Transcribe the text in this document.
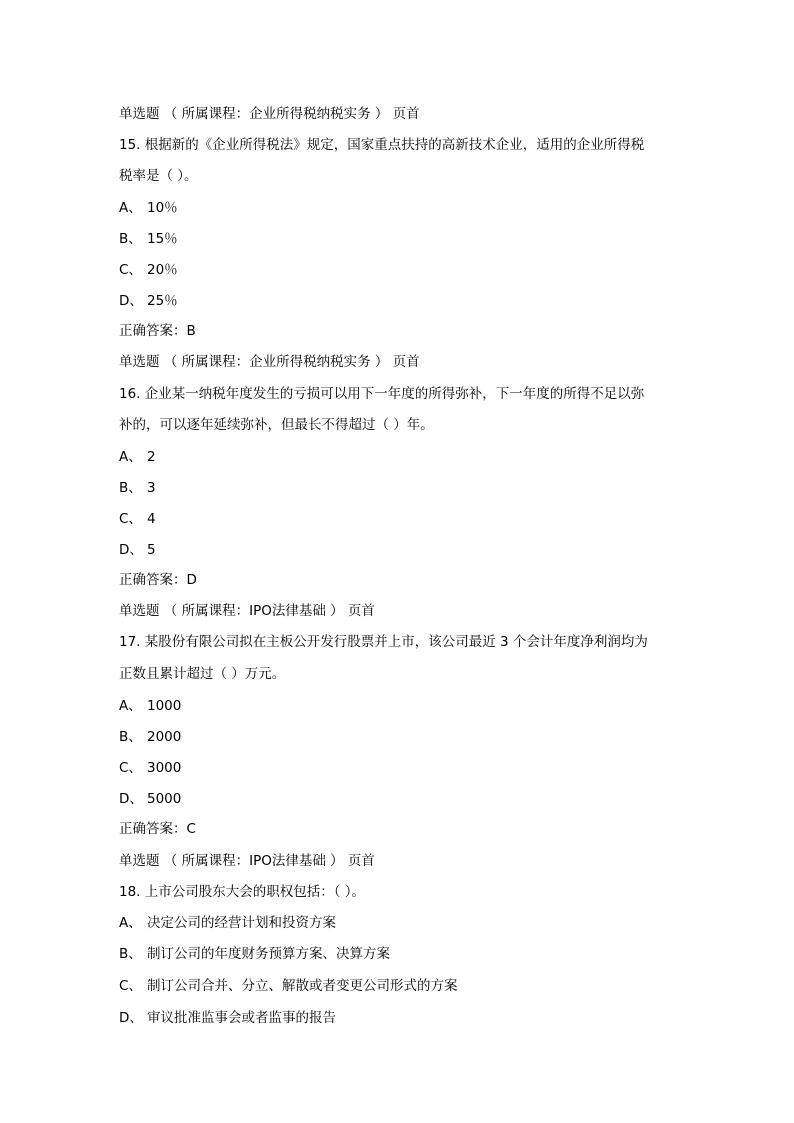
单选题 （ 所属课程：企业所得税纳税实务 ） 页首
15. 根据新的《企业所得税法》规定，国家重点扶持的高新技术企业，适用的企业所得税
税率是（ ）。
A、 10％
B、 15％
C、 20％
D、 25％
正确答案：B
单选题 （ 所属课程：企业所得税纳税实务 ） 页首
16. 企业某一纳税年度发生的亏损可以用下一年度的所得弥补，下一年度的所得不足以弥
补的，可以逐年延续弥补，但最长不得超过（ ）年。
A、 2
B、 3
C、 4
D、 5
正确答案：D
单选题 （ 所属课程：IPO法律基础 ） 页首
17. 某股份有限公司拟在主板公开发行股票并上市，该公司最近 3 个会计年度净利润均为
正数且累计超过（ ）万元。
A、 1000
B、 2000
C、 3000
D、 5000
正确答案：C
单选题 （ 所属课程：IPO法律基础 ） 页首
18. 上市公司股东大会的职权包括：（ ）。
A、 决定公司的经营计划和投资方案
B、 制订公司的年度财务预算方案、决算方案
C、 制订公司合并、分立、解散或者变更公司形式的方案
D、 审议批准监事会或者监事的报告
